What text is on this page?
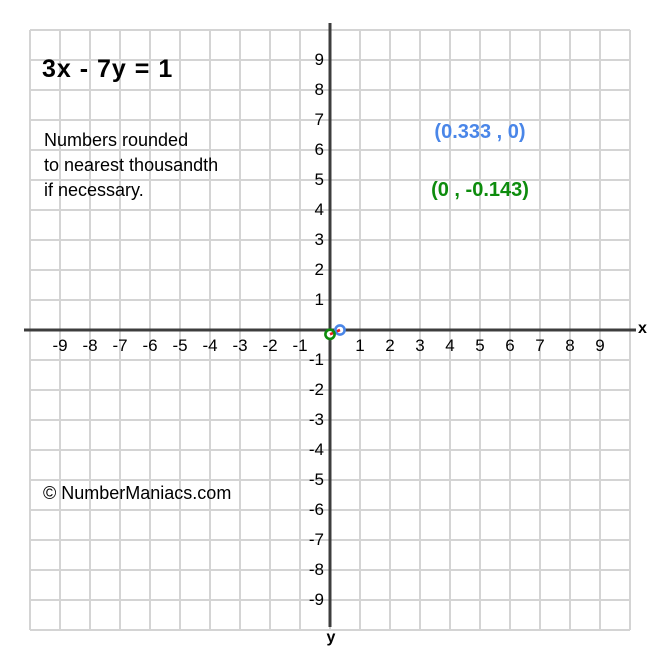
3x - 7y = 1
Numbers rounded
to nearest thousandth
if necessary.
(0.333 , 0)
(0 , -0.143)
© NumberManiacs.com
x
y
-9 -8 -7 -6 -5 -4 -3 -2 -1	1 2 3 4 5 6 7 8 9
9
8
7
6
5
4
3
2
1
-1
-2
-3
-4
-5
-6
-7
-8
-9
